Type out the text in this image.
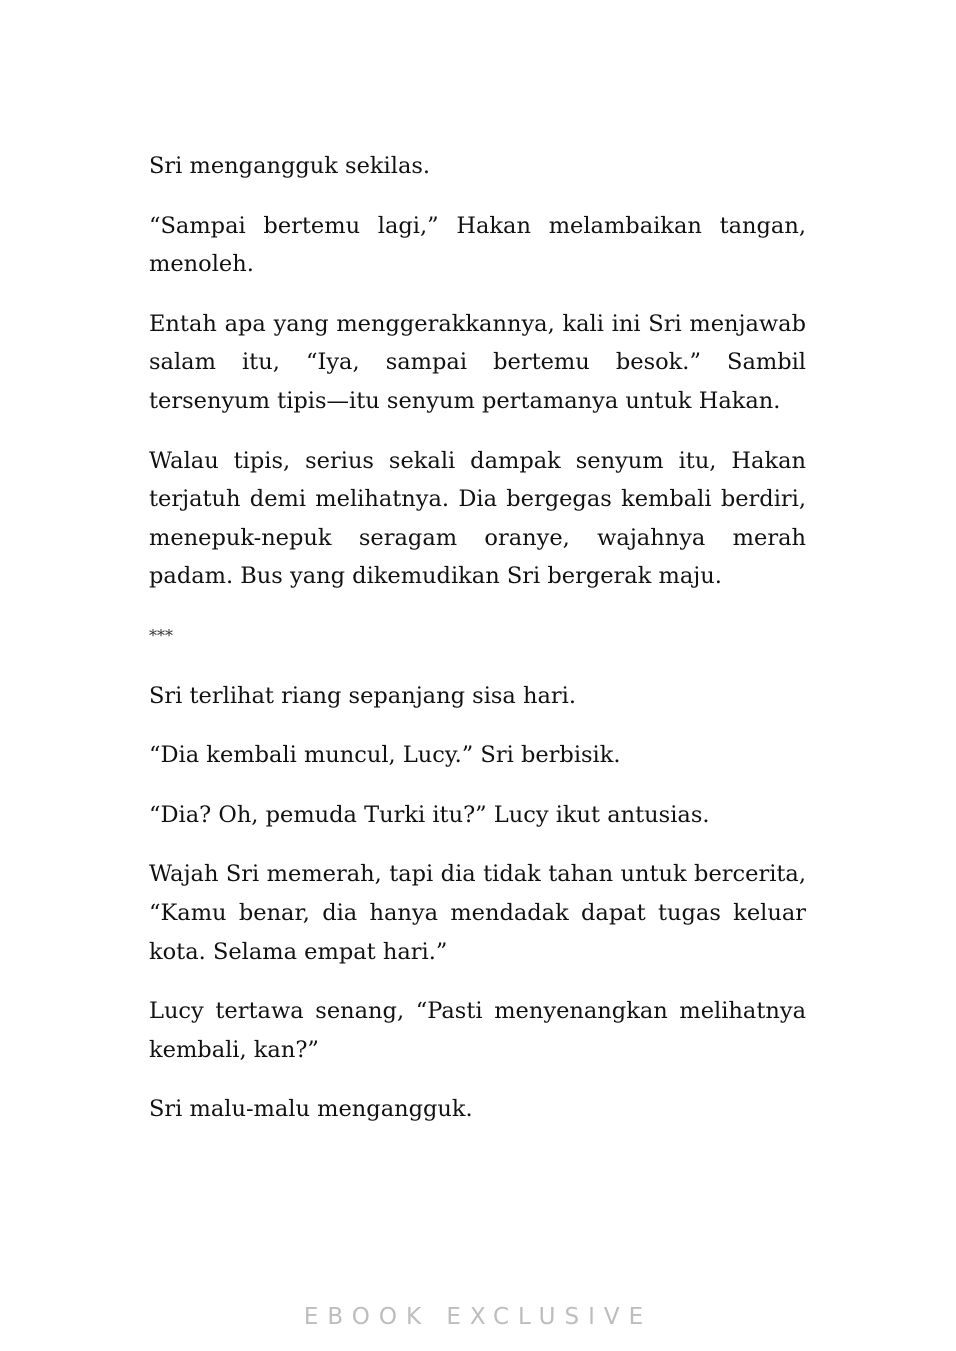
Sri mengangguk sekilas.

“Sampai bertemu lagi,” Hakan melambaikan tangan, menoleh.

Entah apa yang menggerakkannya, kali ini Sri menjawab salam itu, “Iya, sampai bertemu besok.” Sambil tersenyum tipis—itu senyum pertamanya untuk Hakan.

Walau tipis, serius sekali dampak senyum itu, Hakan terjatuh demi melihatnya. Dia bergegas kembali berdiri, menepuk-nepuk seragam oranye, wajahnya merah padam. Bus yang dikemudikan Sri bergerak maju.

***

Sri terlihat riang sepanjang sisa hari.

“Dia kembali muncul, Lucy.” Sri berbisik.

“Dia? Oh, pemuda Turki itu?” Lucy ikut antusias.

Wajah Sri memerah, tapi dia tidak tahan untuk bercerita, “Kamu benar, dia hanya mendadak dapat tugas keluar kota. Selama empat hari.”

Lucy tertawa senang, “Pasti menyenangkan melihatnya kembali, kan?”

Sri malu-malu mengangguk.

EBOOK EXCLUSIVE
